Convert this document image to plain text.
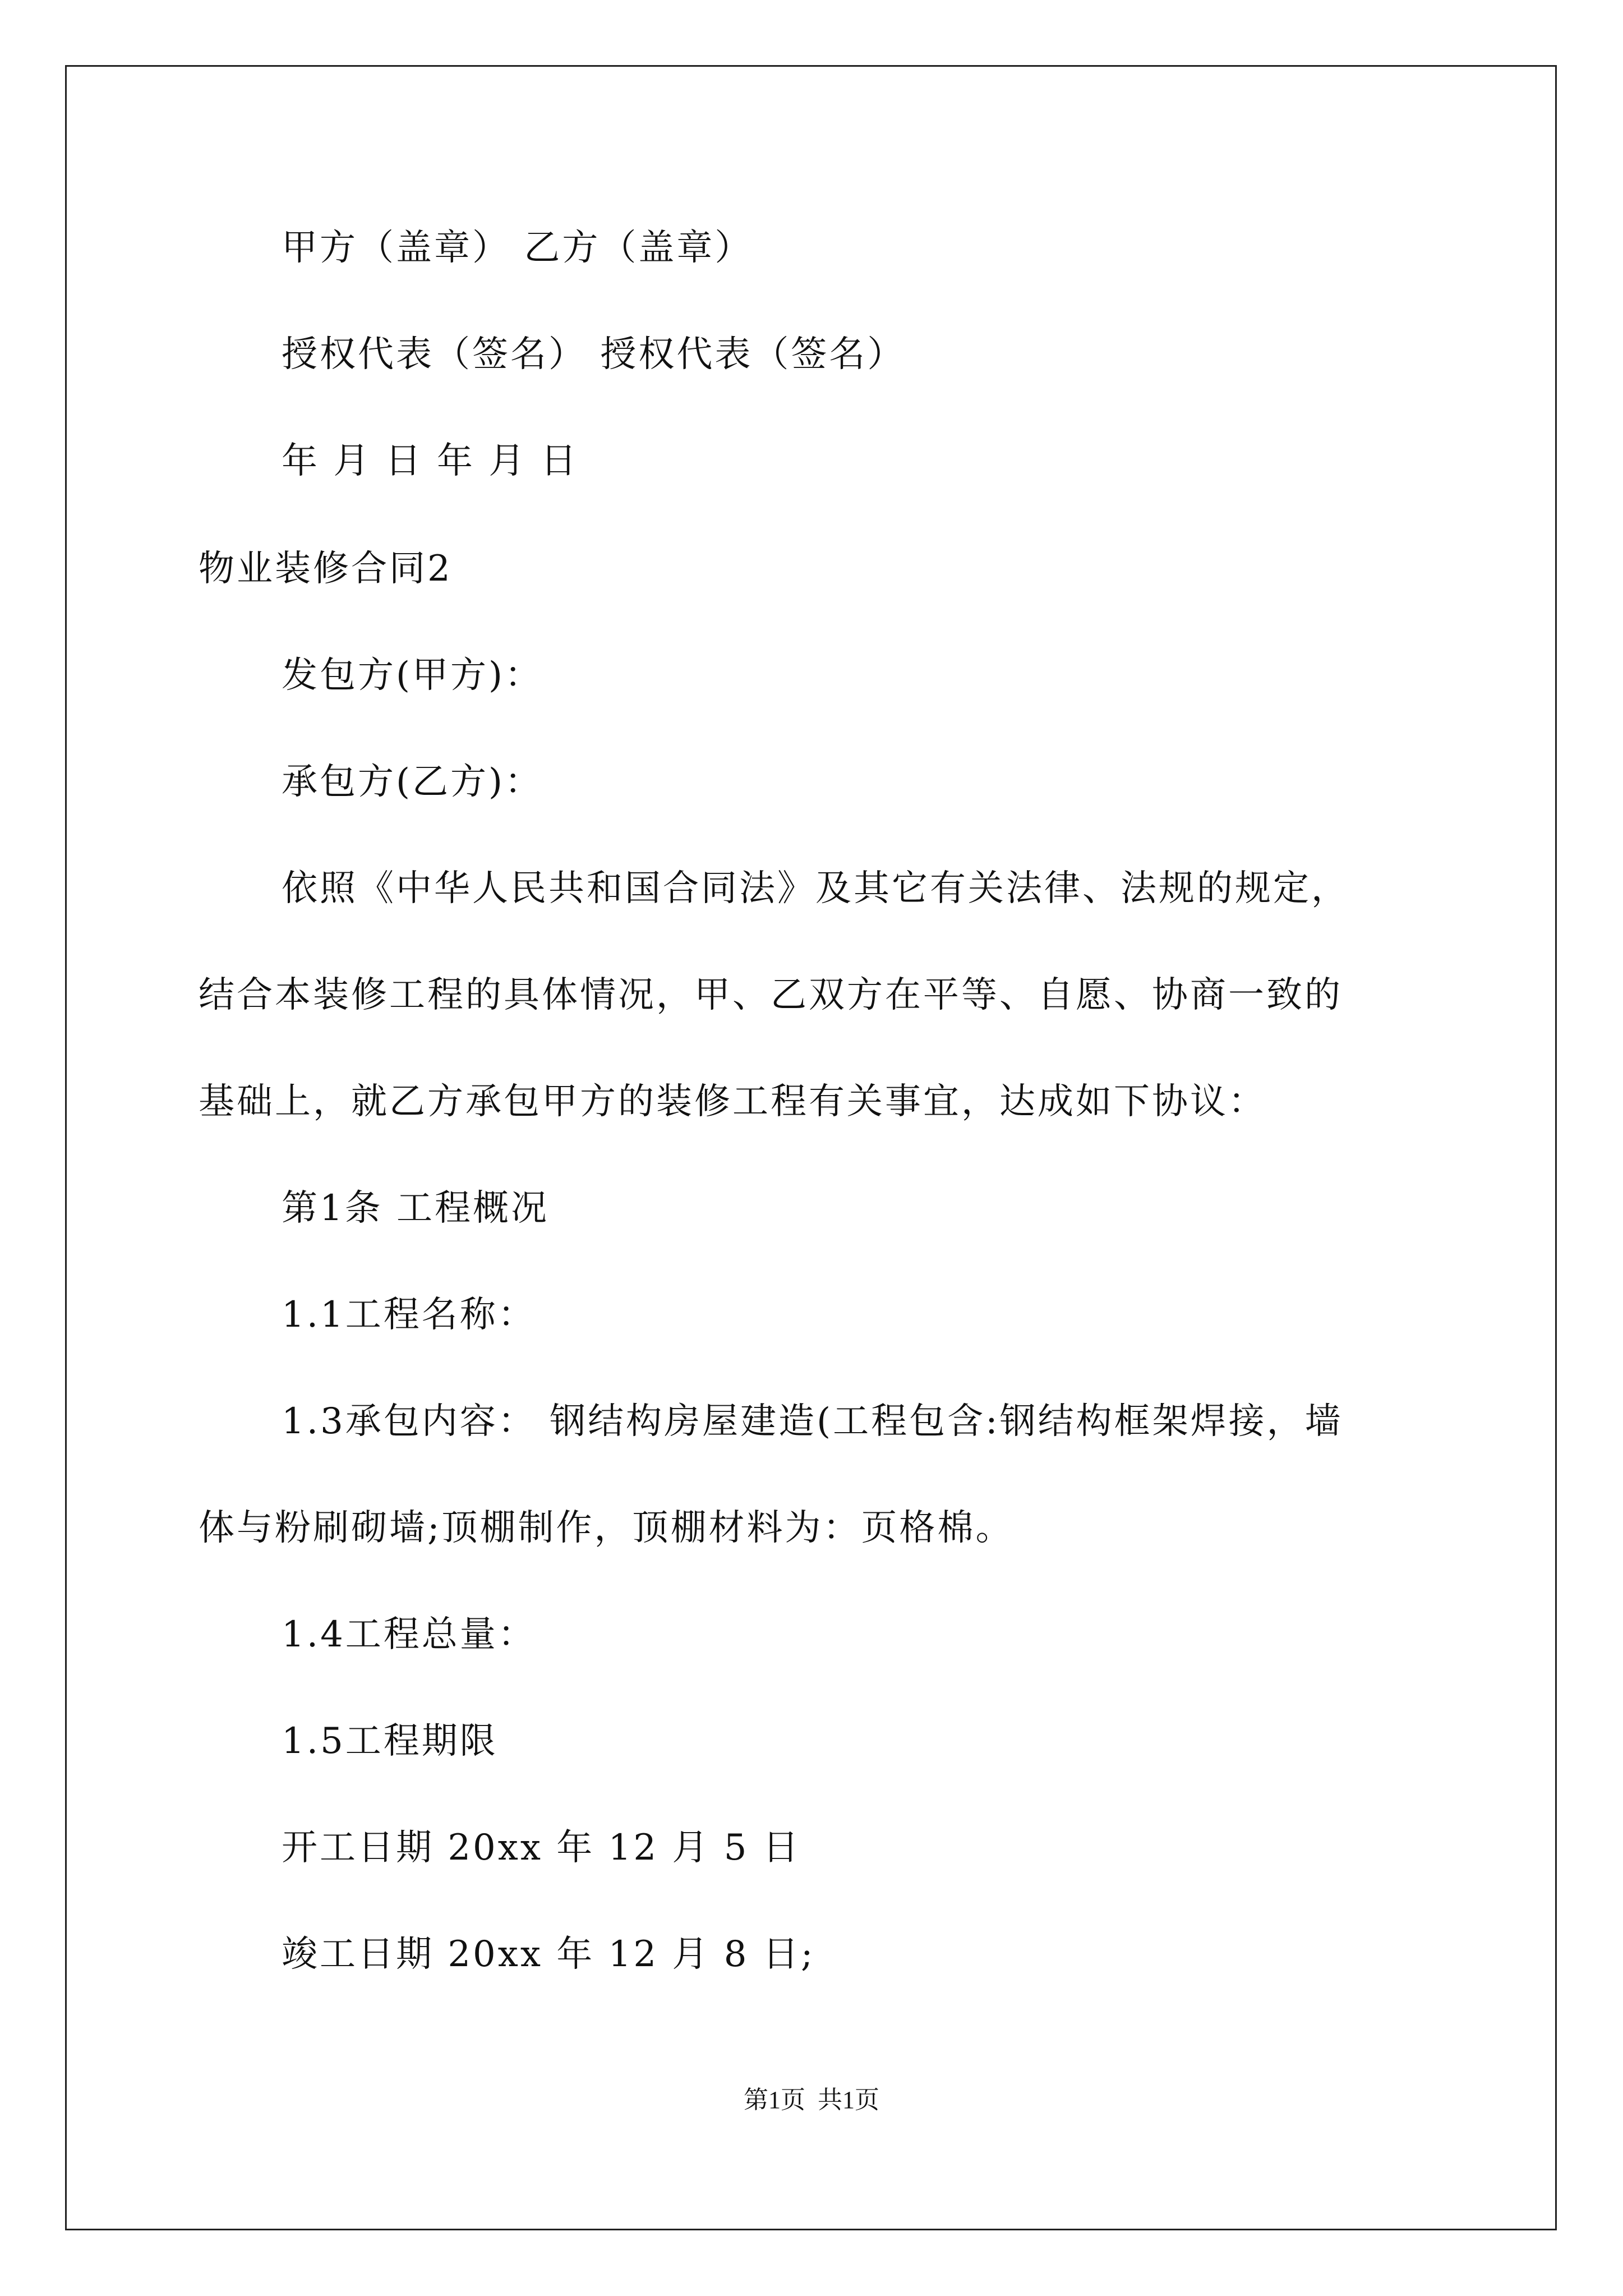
甲方（盖章） 乙方（盖章）
授权代表（签名） 授权代表（签名）
年 月 日 年 月 日
物业装修合同2
发包方(甲方)：
承包方(乙方)：
依照《中华人民共和国合同法》及其它有关法律、法规的规定，
结合本装修工程的具体情况，甲、乙双方在平等、自愿、协商一致的
基础上，就乙方承包甲方的装修工程有关事宜，达成如下协议：
第1条 工程概况
1.1工程名称：
1.3承包内容： 钢结构房屋建造(工程包含:钢结构框架焊接，墙
体与粉刷砌墙;顶棚制作，顶棚材料为：页格棉。
1.4工程总量：
1.5工程期限
开工日期 20xx 年 12 月 5 日
竣工日期 20xx 年 12 月 8 日;
第1页  共1页
